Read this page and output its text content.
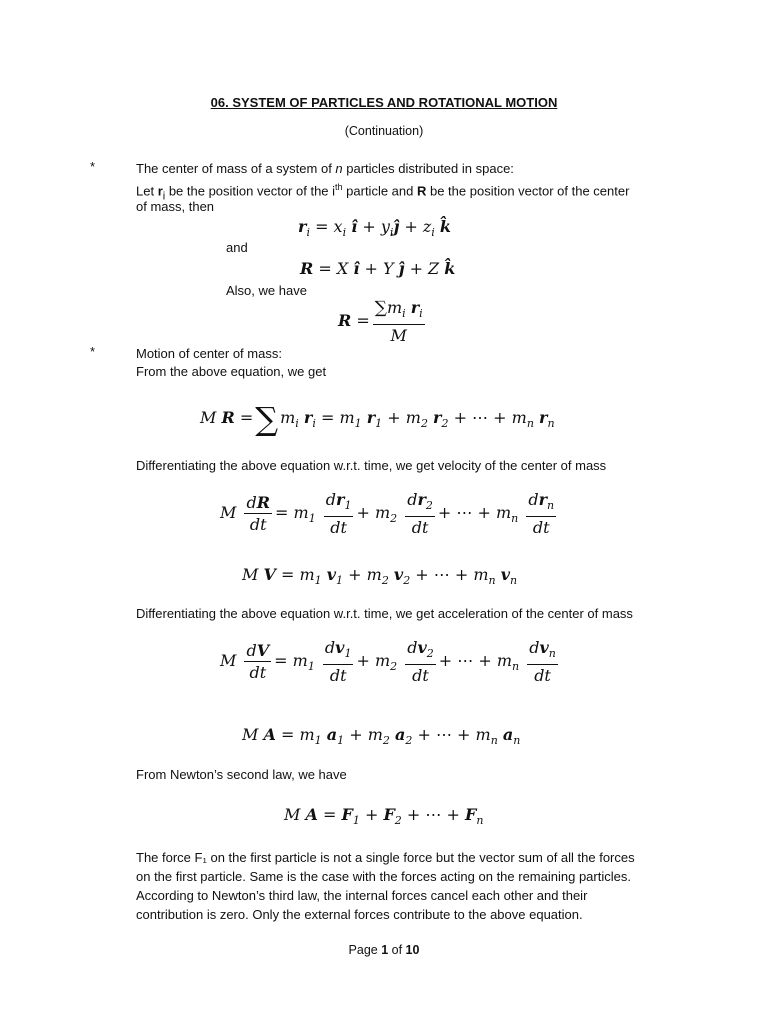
06. SYSTEM OF PARTICLES AND ROTATIONAL MOTION
(Continuation)
*	The center of mass of a system of n particles distributed in space:
Let $r_i$ be the position vector of the $i^{th}$ particle and R be the position vector of the center
of mass, then
$r_i = x_i$ î + $y_iĵ + z_i$ k̂
and
R = X î + Y ĵ + Z k̂
Also, we have
$R = \frac{\sum m_i r_i}{M}$
*	Motion of center of mass:
From the above equation, we get
M R =∑ $m_i$ $r_i = m_1$ $r_1 + m_2$ $r_2$ + ⋯ + $m_n$ $r_n$
Differentiating the above equation w.r.t. time, we get velocity of the center of mass
M $\frac{dR}{dt} = m_1 \frac{dr_1}{dt} + m_2 \frac{dr_2}{dt}$ + ⋯ + $m_n \frac{dr_n}{dt}$
M $V = m_1$ $v_1 + m_2$ $v_2$ + ⋯ + $m_n$ $v_n$
Differentiating the above equation w.r.t. time, we get acceleration of the center of mass
M $\frac{dV}{dt} = m_1 \frac{dv_1}{dt} + m_2 \frac{dv_2}{dt}$ + ⋯ + $m_n \frac{dv_n}{dt}$
M $A = m_1$ $a_1 + m_2$ $a_2$ + ⋯ + $m_n$ $a_n$
From Newton’s second law, we have
M $A = F_1 + F_2$ + ⋯ + $F_n$
The force F₁ on the first particle is not a single force but the vector sum of all the forces
on the first particle. Same is the case with the forces acting on the remaining particles.
According to Newton’s third law, the internal forces cancel each other and their
contribution is zero. Only the external forces contribute to the above equation.
Page 1 of 10
